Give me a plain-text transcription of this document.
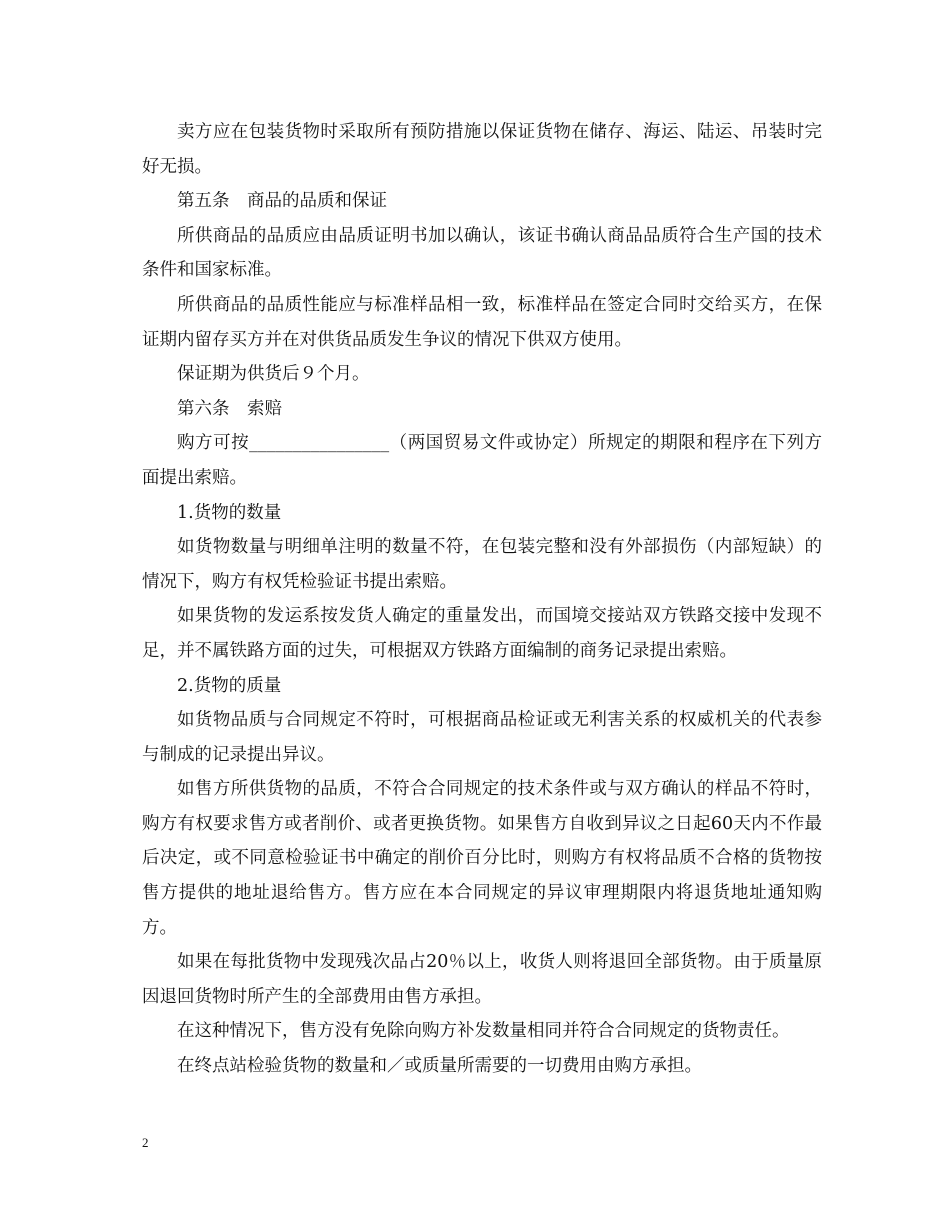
卖方应在包装货物时采取所有预防措施以保证货物在储存、海运、陆运、吊装时完好无损。

第五条　商品的品质和保证

所供商品的品质应由品质证明书加以确认，该证书确认商品品质符合生产国的技术条件和国家标准。

所供商品的品质性能应与标准样品相一致，标准样品在签定合同时交给买方，在保证期内留存买方并在对供货品质发生争议的情况下供双方使用。

保证期为供货后９个月。

第六条　索赔

购方可按________________（两国贸易文件或协定）所规定的期限和程序在下列方面提出索赔。

1.货物的数量

如货物数量与明细单注明的数量不符，在包装完整和没有外部损伤（内部短缺）的情况下，购方有权凭检验证书提出索赔。

如果货物的发运系按发货人确定的重量发出，而国境交接站双方铁路交接中发现不足，并不属铁路方面的过失，可根据双方铁路方面编制的商务记录提出索赔。

2.货物的质量

如货物品质与合同规定不符时，可根据商品检证或无利害关系的权威机关的代表参与制成的记录提出异议。

如售方所供货物的品质，不符合合同规定的技术条件或与双方确认的样品不符时，购方有权要求售方或者削价、或者更换货物。如果售方自收到异议之日起60天内不作最后决定，或不同意检验证书中确定的削价百分比时，则购方有权将品质不合格的货物按售方提供的地址退给售方。售方应在本合同规定的异议审理期限内将退货地址通知购方。

如果在每批货物中发现残次品占20％以上，收货人则将退回全部货物。由于质量原因退回货物时所产生的全部费用由售方承担。

在这种情况下，售方没有免除向购方补发数量相同并符合合同规定的货物责任。

在终点站检验货物的数量和／或质量所需要的一切费用由购方承担。

2
